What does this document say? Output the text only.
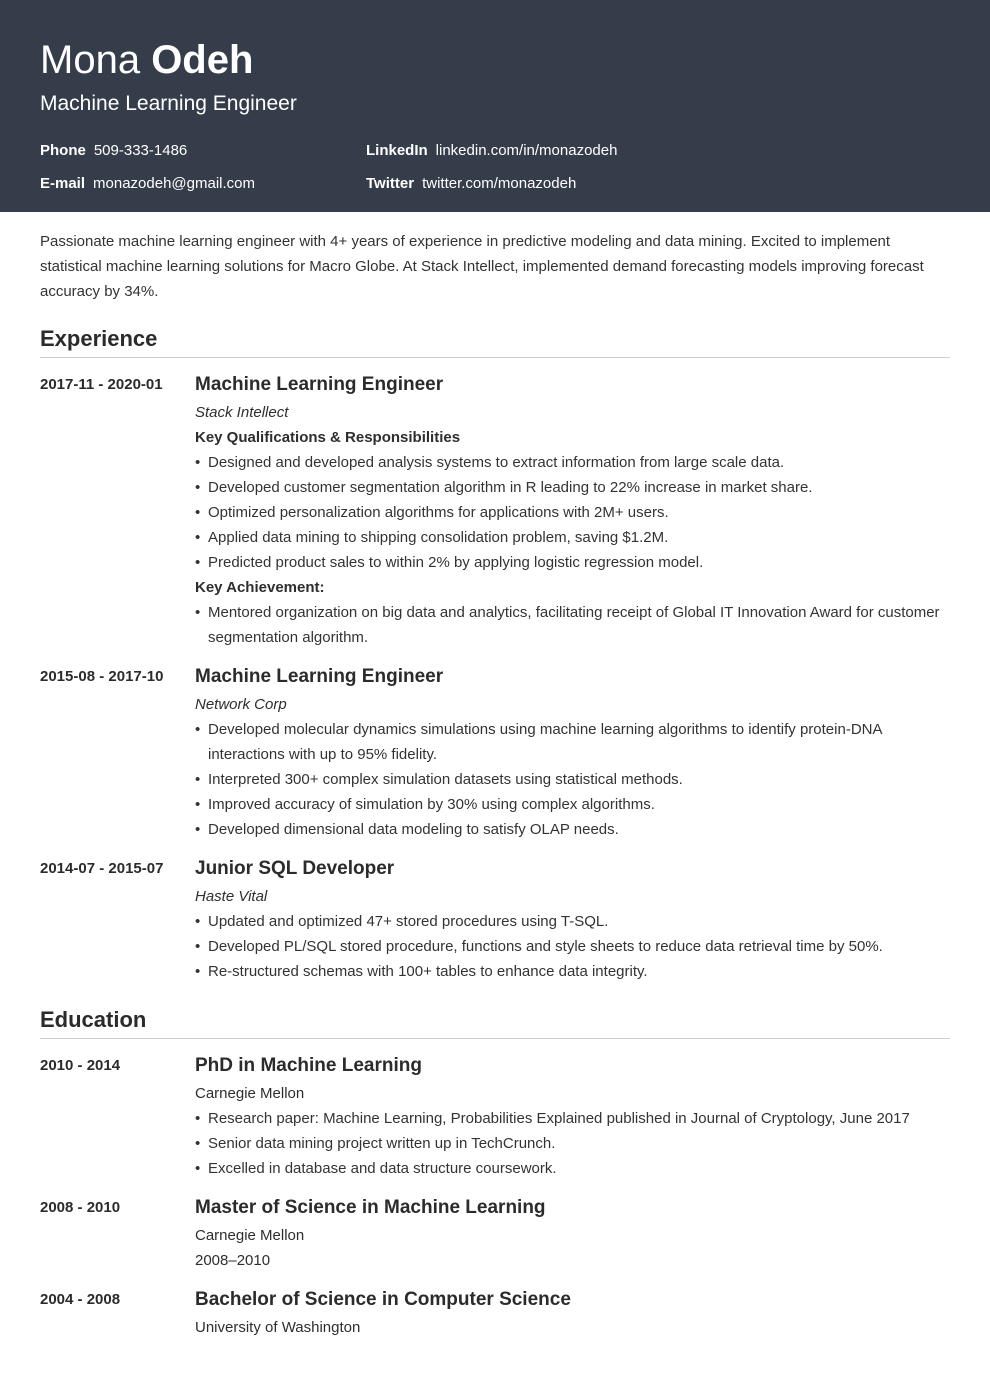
Mona Odeh
Machine Learning Engineer
Phone 509-333-1486
E-mail monazodeh@gmail.com
LinkedIn linkedin.com/in/monazodeh
Twitter twitter.com/monazodeh

Passionate machine learning engineer with 4+ years of experience in predictive modeling and data mining. Excited to implement statistical machine learning solutions for Macro Globe. At Stack Intellect, implemented demand forecasting models improving forecast accuracy by 34%.

Experience
2017-11 - 2020-01	Machine Learning Engineer
Stack Intellect
Key Qualifications & Responsibilities
• Designed and developed analysis systems to extract information from large scale data.
• Developed customer segmentation algorithm in R leading to 22% increase in market share.
• Optimized personalization algorithms for applications with 2M+ users.
• Applied data mining to shipping consolidation problem, saving $1.2M.
• Predicted product sales to within 2% by applying logistic regression model.
Key Achievement:
• Mentored organization on big data and analytics, facilitating receipt of Global IT Innovation Award for customer segmentation algorithm.
2015-08 - 2017-10	Machine Learning Engineer
Network Corp
• Developed molecular dynamics simulations using machine learning algorithms to identify protein-DNA interactions with up to 95% fidelity.
• Interpreted 300+ complex simulation datasets using statistical methods.
• Improved accuracy of simulation by 30% using complex algorithms.
• Developed dimensional data modeling to satisfy OLAP needs.
2014-07 - 2015-07	Junior SQL Developer
Haste Vital
• Updated and optimized 47+ stored procedures using T-SQL.
• Developed PL/SQL stored procedure, functions and style sheets to reduce data retrieval time by 50%.
• Re-structured schemas with 100+ tables to enhance data integrity.
Education
2010 - 2014	PhD in Machine Learning
Carnegie Mellon
• Research paper: Machine Learning, Probabilities Explained published in Journal of Cryptology, June 2017
• Senior data mining project written up in TechCrunch.
• Excelled in database and data structure coursework.
2008 - 2010	Master of Science in Machine Learning
Carnegie Mellon
2008–2010
2004 - 2008	Bachelor of Science in Computer Science
University of Washington
